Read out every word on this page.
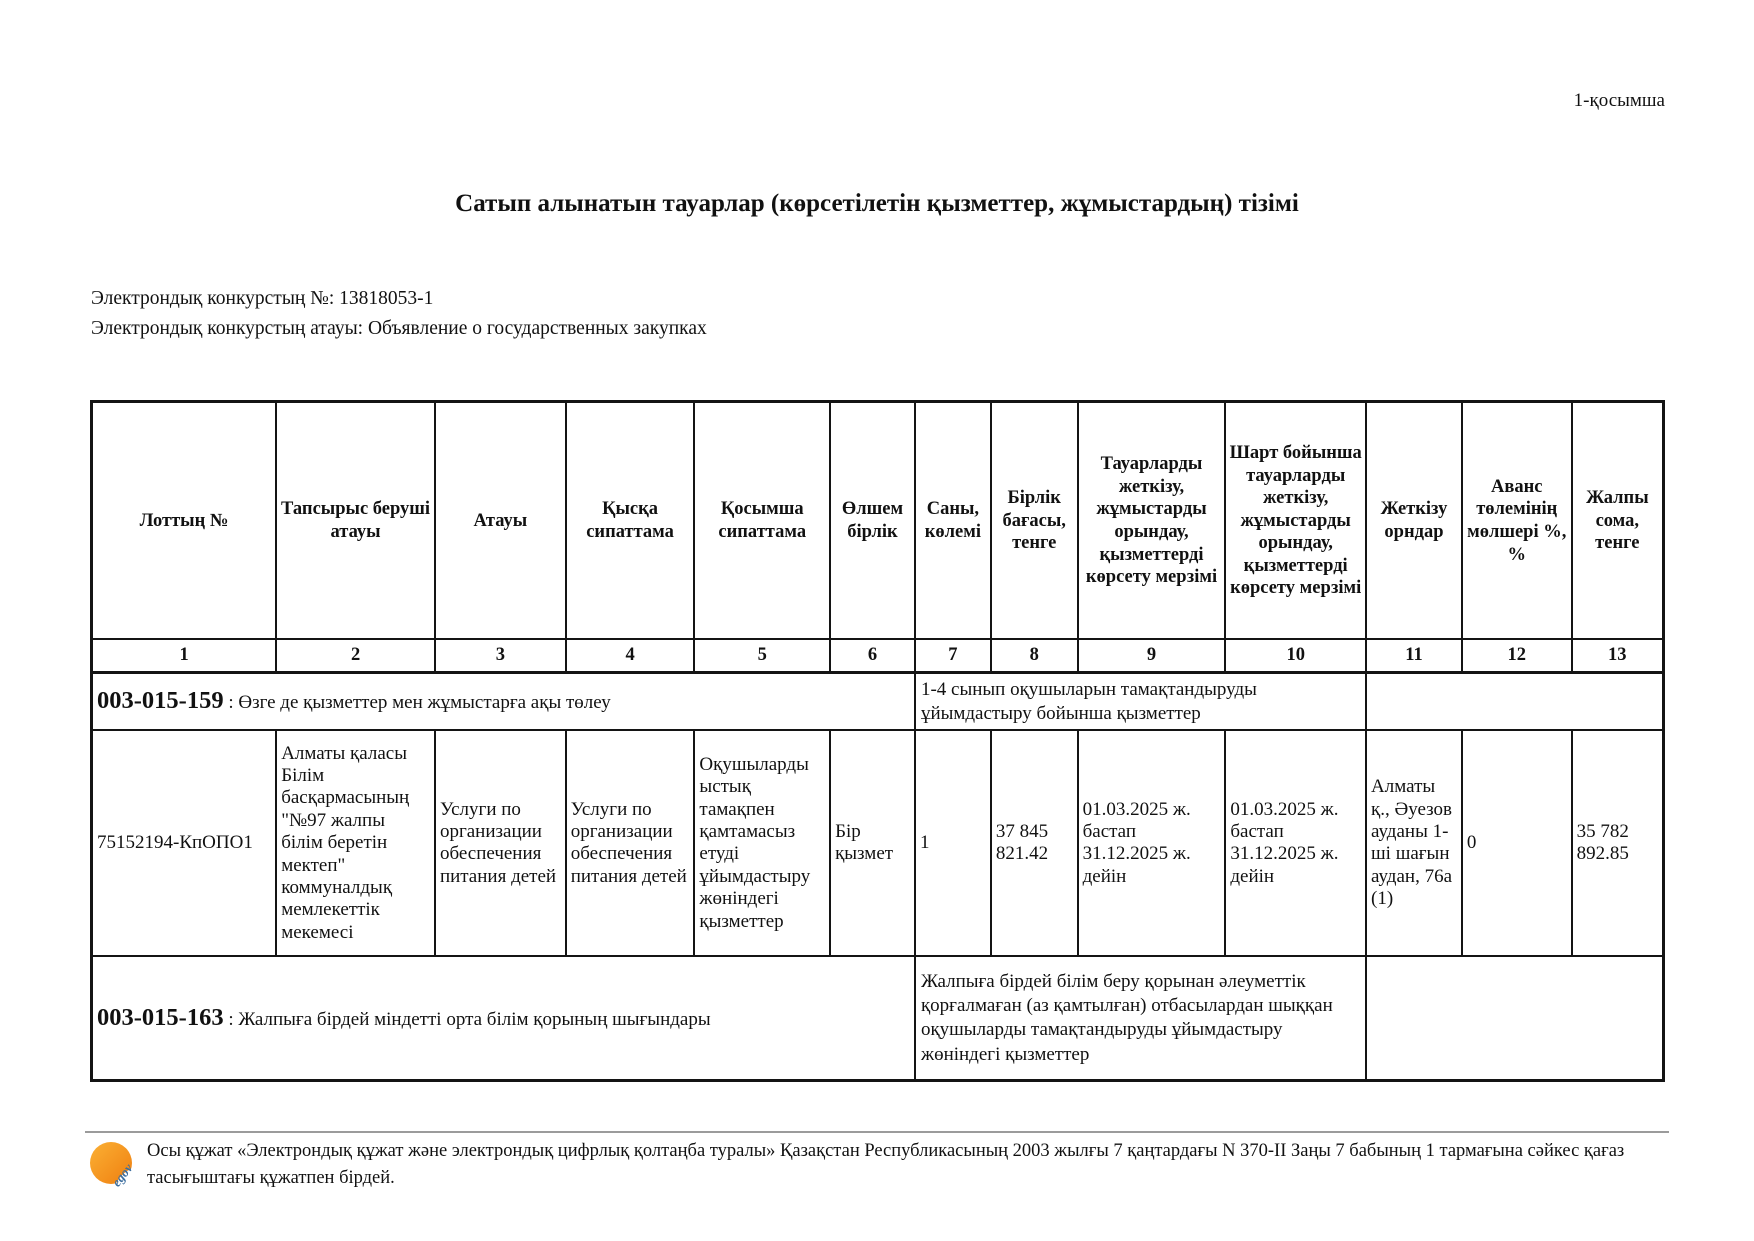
1-қосымша
Сатып алынатын тауарлар (көрсетілетін қызметтер, жұмыстардың) тізімі
Электрондық конкурстың №: 13818053-1
Электрондық конкурстың атауы: Объявление о государственных закупках
Лоттың №	Тапсырыс беруші атауы	Атауы	Қысқа сипаттама	Қосымша сипаттама	Өлшем бірлік	Саны, көлемі	Бірлік бағасы, тенге	Тауарларды жеткізу, жұмыстарды орындау, қызметтерді көрсету мерзімі	Шарт бойынша тауарларды жеткізу, жұмыстарды орындау, қызметтерді көрсету мерзімі	Жеткізу орндар	Аванс төлемінің мөлшері %, %	Жалпы сома, тенге
1	2	3	4	5	6	7	8	9	10	11	12	13

003-015-159 : Өзге де қызметтер мен жұмыстарға ақы төлеу						1-4 сынып оқушыларын тамақтандыруды ұйымдастыру бойынша қызметтер						
75152194-КпОПО1	Алматы қаласы Білім басқармасының "№97 жалпы білім беретін мектеп" коммуналдық мемлекеттік мекемесі	Услуги по организации обеспечения питания детей	Услуги по организации обеспечения питания детей	Оқушыларды ыстық тамақпен қамтамасыз етуді ұйымдастыру жөніндегі қызметтер	Бір қызмет	1	37 845 821.42	01.03.2025 ж. бастап 31.12.2025 ж. дейін	01.03.2025 ж. бастап 31.12.2025 ж. дейін	Алматы қ., Әуезов ауданы 1-ші шағын аудан, 76а (1)	0	35 782 892.85

003-015-163 : Жалпыға бірдей міндетті орта білім қорының шығындары						Жалпыға бірдей білім беру қорынан әлеуметтік қорғалмаған (аз қамтылған) отбасылардан шыққан оқушыларды тамақтандыруды ұйымдастыру жөніндегі қызметтер						
egov
Осы құжат «Электрондық құжат және электрондық цифрлық қолтаңба туралы» Қазақстан Республикасының 2003 жылғы 7 қаңтардағы N 370-II Заңы 7 бабының 1 тармағына сәйкес қағаз тасығыштағы құжатпен бірдей.
